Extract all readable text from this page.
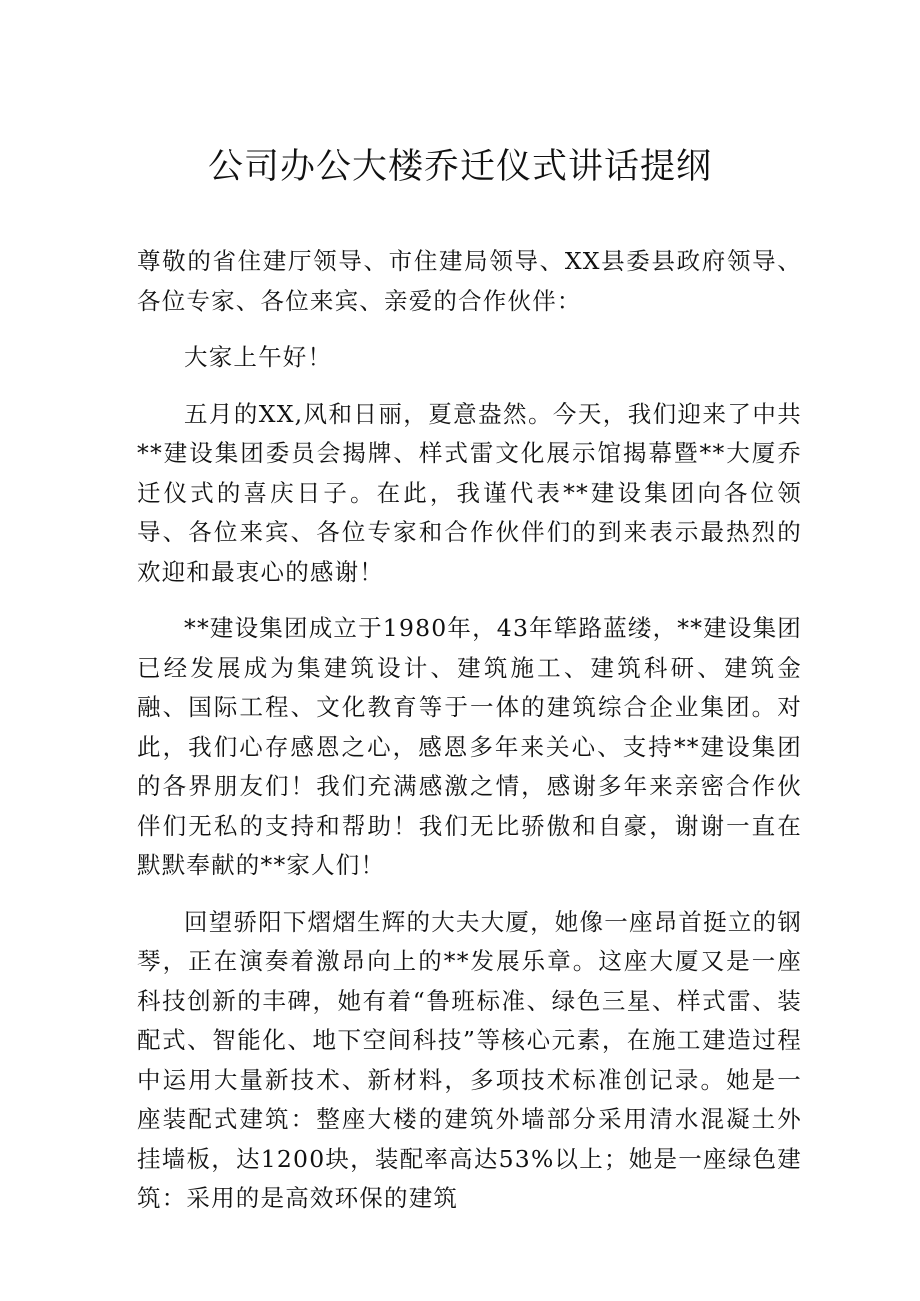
公司办公大楼乔迁仪式讲话提纲

尊敬的省住建厅领导、市住建局领导、XX县委县政府领导、各位专家、各位来宾、亲爱的合作伙伴：

大家上午好！

五月的XX,风和日丽，夏意盎然。今天，我们迎来了中共**建设集团委员会揭牌、样式雷文化展示馆揭幕暨**大厦乔迁仪式的喜庆日子。在此，我谨代表**建设集团向各位领导、各位来宾、各位专家和合作伙伴们的到来表示最热烈的欢迎和最衷心的感谢！

**建设集团成立于1980年，43年筚路蓝缕，**建设集团已经发展成为集建筑设计、建筑施工、建筑科研、建筑金融、国际工程、文化教育等于一体的建筑综合企业集团。对此，我们心存感恩之心，感恩多年来关心、支持**建设集团的各界朋友们！我们充满感激之情，感谢多年来亲密合作伙伴们无私的支持和帮助！我们无比骄傲和自豪，谢谢一直在默默奉献的**家人们！

回望骄阳下熠熠生辉的大夫大厦，她像一座昂首挺立的钢琴，正在演奏着激昂向上的**发展乐章。这座大厦又是一座科技创新的丰碑，她有着“鲁班标准、绿色三星、样式雷、装配式、智能化、地下空间科技”等核心元素，在施工建造过程中运用大量新技术、新材料，多项技术标准创记录。她是一座装配式建筑：整座大楼的建筑外墙部分采用清水混凝土外挂墙板，达1200块，装配率高达53%以上；她是一座绿色建筑：采用的是高效环保的建筑
